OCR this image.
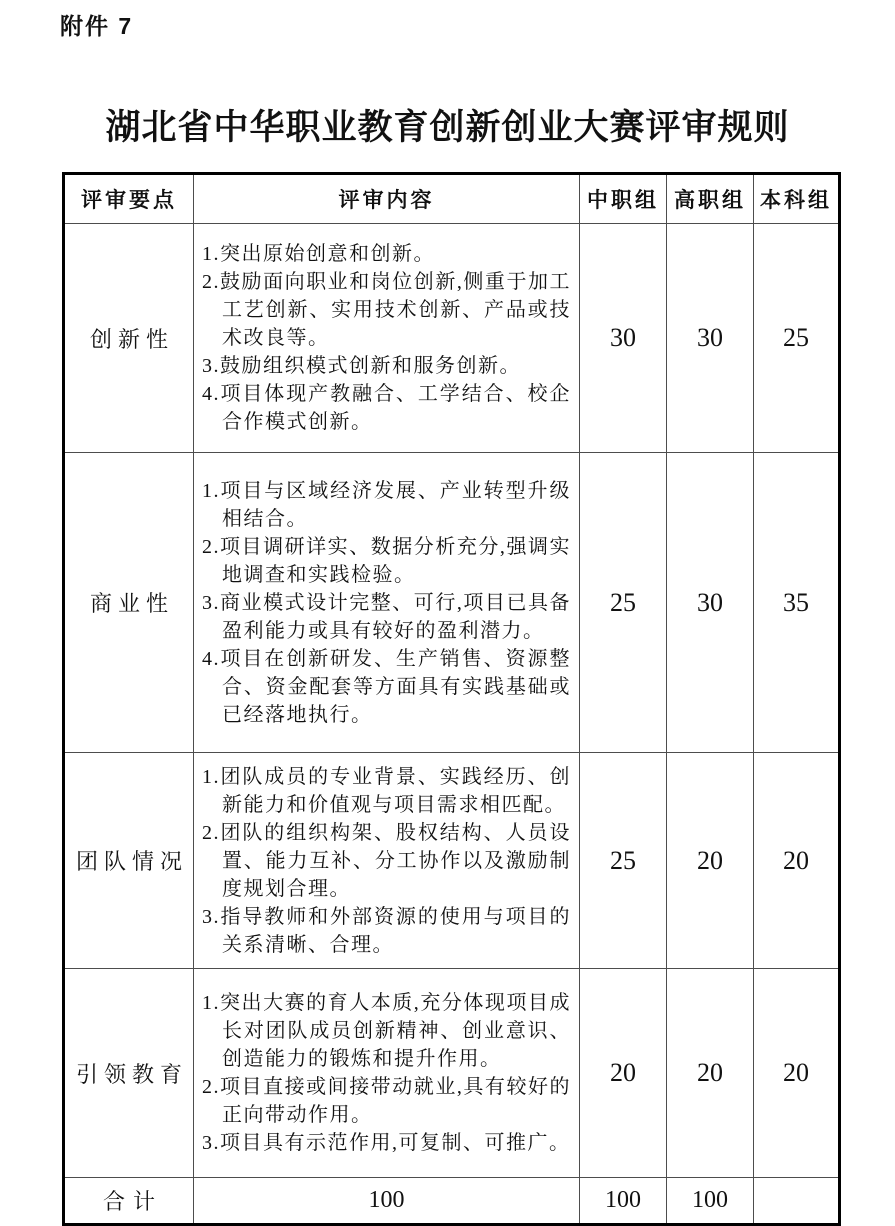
附件 7
湖北省中华职业教育创新创业大赛评审规则
评审要点	评审内容	中职组	高职组	本科组
创新性	1.突出原始创意和创新。
2.鼓励面向职业和岗位创新,侧重于加工工艺创新、实用技术创新、产品或技术改良等。
3.鼓励组织模式创新和服务创新。
4.项目体现产教融合、工学结合、校企合作模式创新。	30	30	25
商业性	1.项目与区域经济发展、产业转型升级相结合。
2.项目调研详实、数据分析充分,强调实地调查和实践检验。
3.商业模式设计完整、可行,项目已具备盈利能力或具有较好的盈利潜力。
4.项目在创新研发、生产销售、资源整合、资金配套等方面具有实践基础或已经落地执行。	25	30	35
团队情况	1.团队成员的专业背景、实践经历、创新能力和价值观与项目需求相匹配。
2.团队的组织构架、股权结构、人员设置、能力互补、分工协作以及激励制度规划合理。
3.指导教师和外部资源的使用与项目的关系清晰、合理。	25	20	20
引领教育	1.突出大赛的育人本质,充分体现项目成长对团队成员创新精神、创业意识、创造能力的锻炼和提升作用。
2.项目直接或间接带动就业,具有较好的正向带动作用。
3.项目具有示范作用,可复制、可推广。	20	20	20
合计	100	100	100	
